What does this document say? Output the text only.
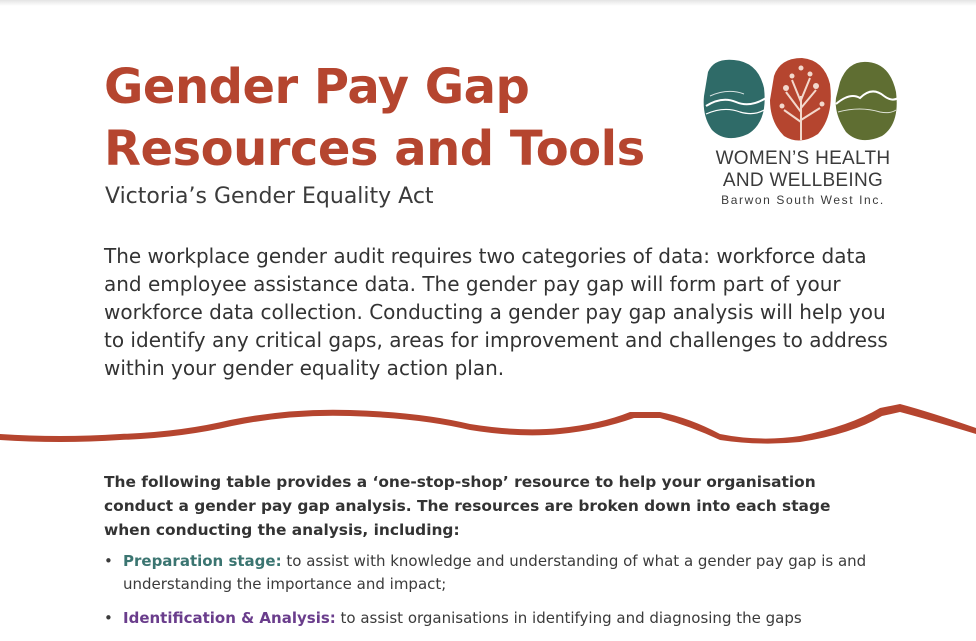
Gender Pay Gap
Resources and Tools
Victoria’s Gender Equality Act
WOMEN’S HEALTH
AND WELLBEING
Barwon South West Inc.

The workplace gender audit requires two categories of data: workforce data and employee assistance data. The gender pay gap will form part of your workforce data collection. Conducting a gender pay gap analysis will help you to identify any critical gaps, areas for improvement and challenges to address within your gender equality action plan.

The following table provides a ‘one-stop-shop’ resource to help your organisation conduct a gender pay gap analysis. The resources are broken down into each stage when conducting the analysis, including:

• Preparation stage: to assist with knowledge and understanding of what a gender pay gap is and understanding the importance and impact;
• Identification & Analysis: to assist organisations in identifying and diagnosing the gaps
